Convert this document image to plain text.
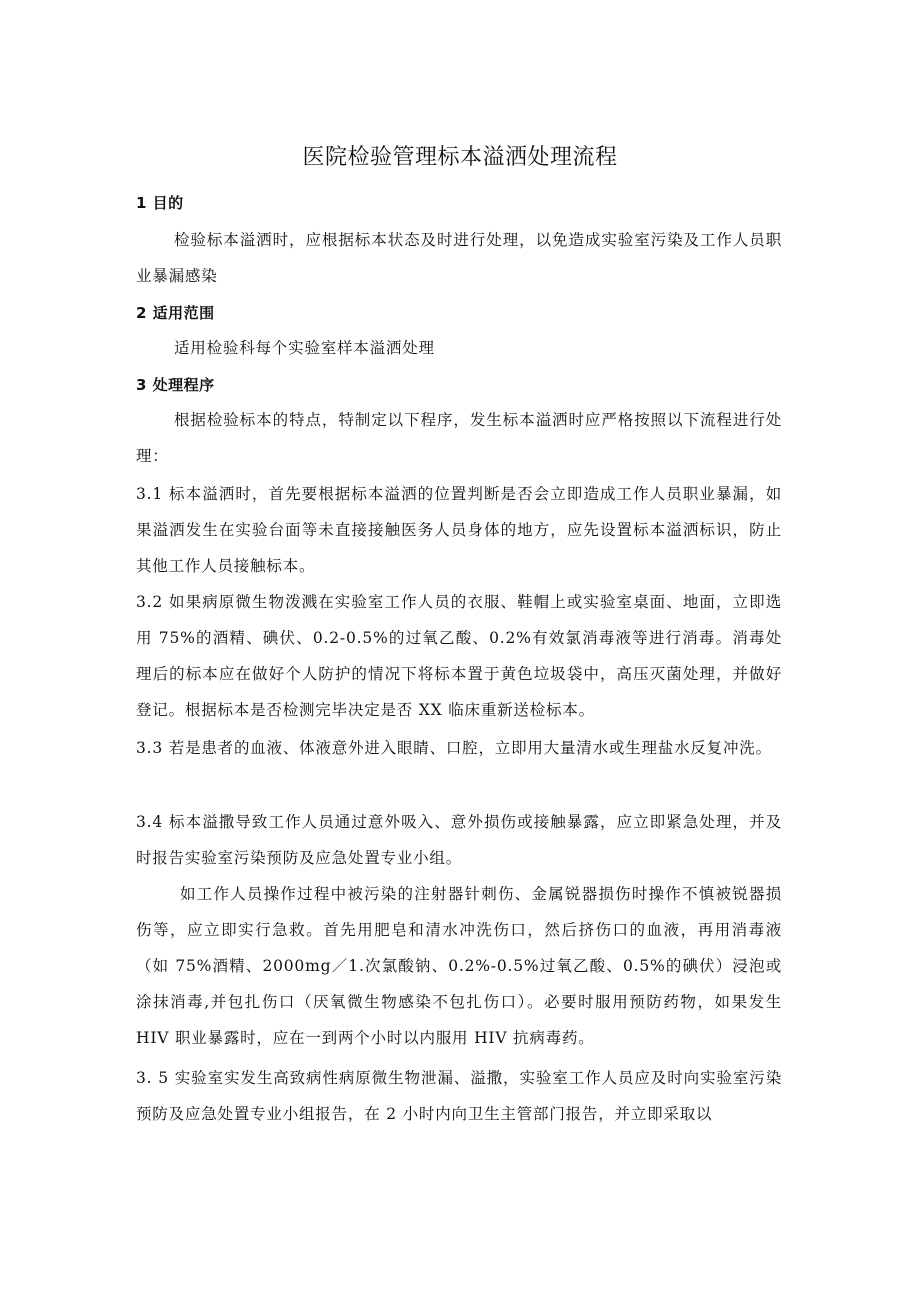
医院检验管理标本溢洒处理流程
1 目的

检验标本溢洒时，应根据标本状态及时进行处理，以免造成实验室污染及工作人员职业暴漏感染

2 适用范围

适用检验科每个实验室样本溢洒处理

3 处理程序

根据检验标本的特点，特制定以下程序，发生标本溢洒时应严格按照以下流程进行处理：

3.1 标本溢洒时，首先要根据标本溢洒的位置判断是否会立即造成工作人员职业暴漏，如果溢洒发生在实验台面等未直接接触医务人员身体的地方，应先设置标本溢洒标识，防止其他工作人员接触标本。

3.2 如果病原微生物泼溅在实验室工作人员的衣服、鞋帽上或实验室桌面、地面，立即选用 75%的酒精、碘伏、0.2-0.5%的过氧乙酸、0.2%有效氯消毒液等进行消毒。消毒处理后的标本应在做好个人防护的情况下将标本置于黄色垃圾袋中，高压灭菌处理，并做好登记。根据标本是否检测完毕决定是否 XX 临床重新送检标本。

3.3 若是患者的血液、体液意外进入眼睛、口腔，立即用大量清水或生理盐水反复冲洗。

3.4 标本溢撒导致工作人员通过意外吸入、意外损伤或接触暴露，应立即紧急处理，并及时报告实验室污染预防及应急处置专业小组。

如工作人员操作过程中被污染的注射器针刺伤、金属锐器损伤时操作不慎被锐器损伤等，应立即实行急救。首先用肥皂和清水冲洗伤口，然后挤伤口的血液，再用消毒液（如 75%酒精、2000mg／1.次氯酸钠、0.2%-0.5%过氧乙酸、0.5%的碘伏）浸泡或涂抹消毒,并包扎伤口（厌氧微生物感染不包扎伤口）。必要时服用预防药物，如果发生 HIV 职业暴露时，应在一到两个小时以内服用 HIV 抗病毒药。

3. 5 实验室实发生高致病性病原微生物泄漏、溢撒，实验室工作人员应及时向实验室污染预防及应急处置专业小组报告，在 2 小时内向卫生主管部门报告，并立即采取以
